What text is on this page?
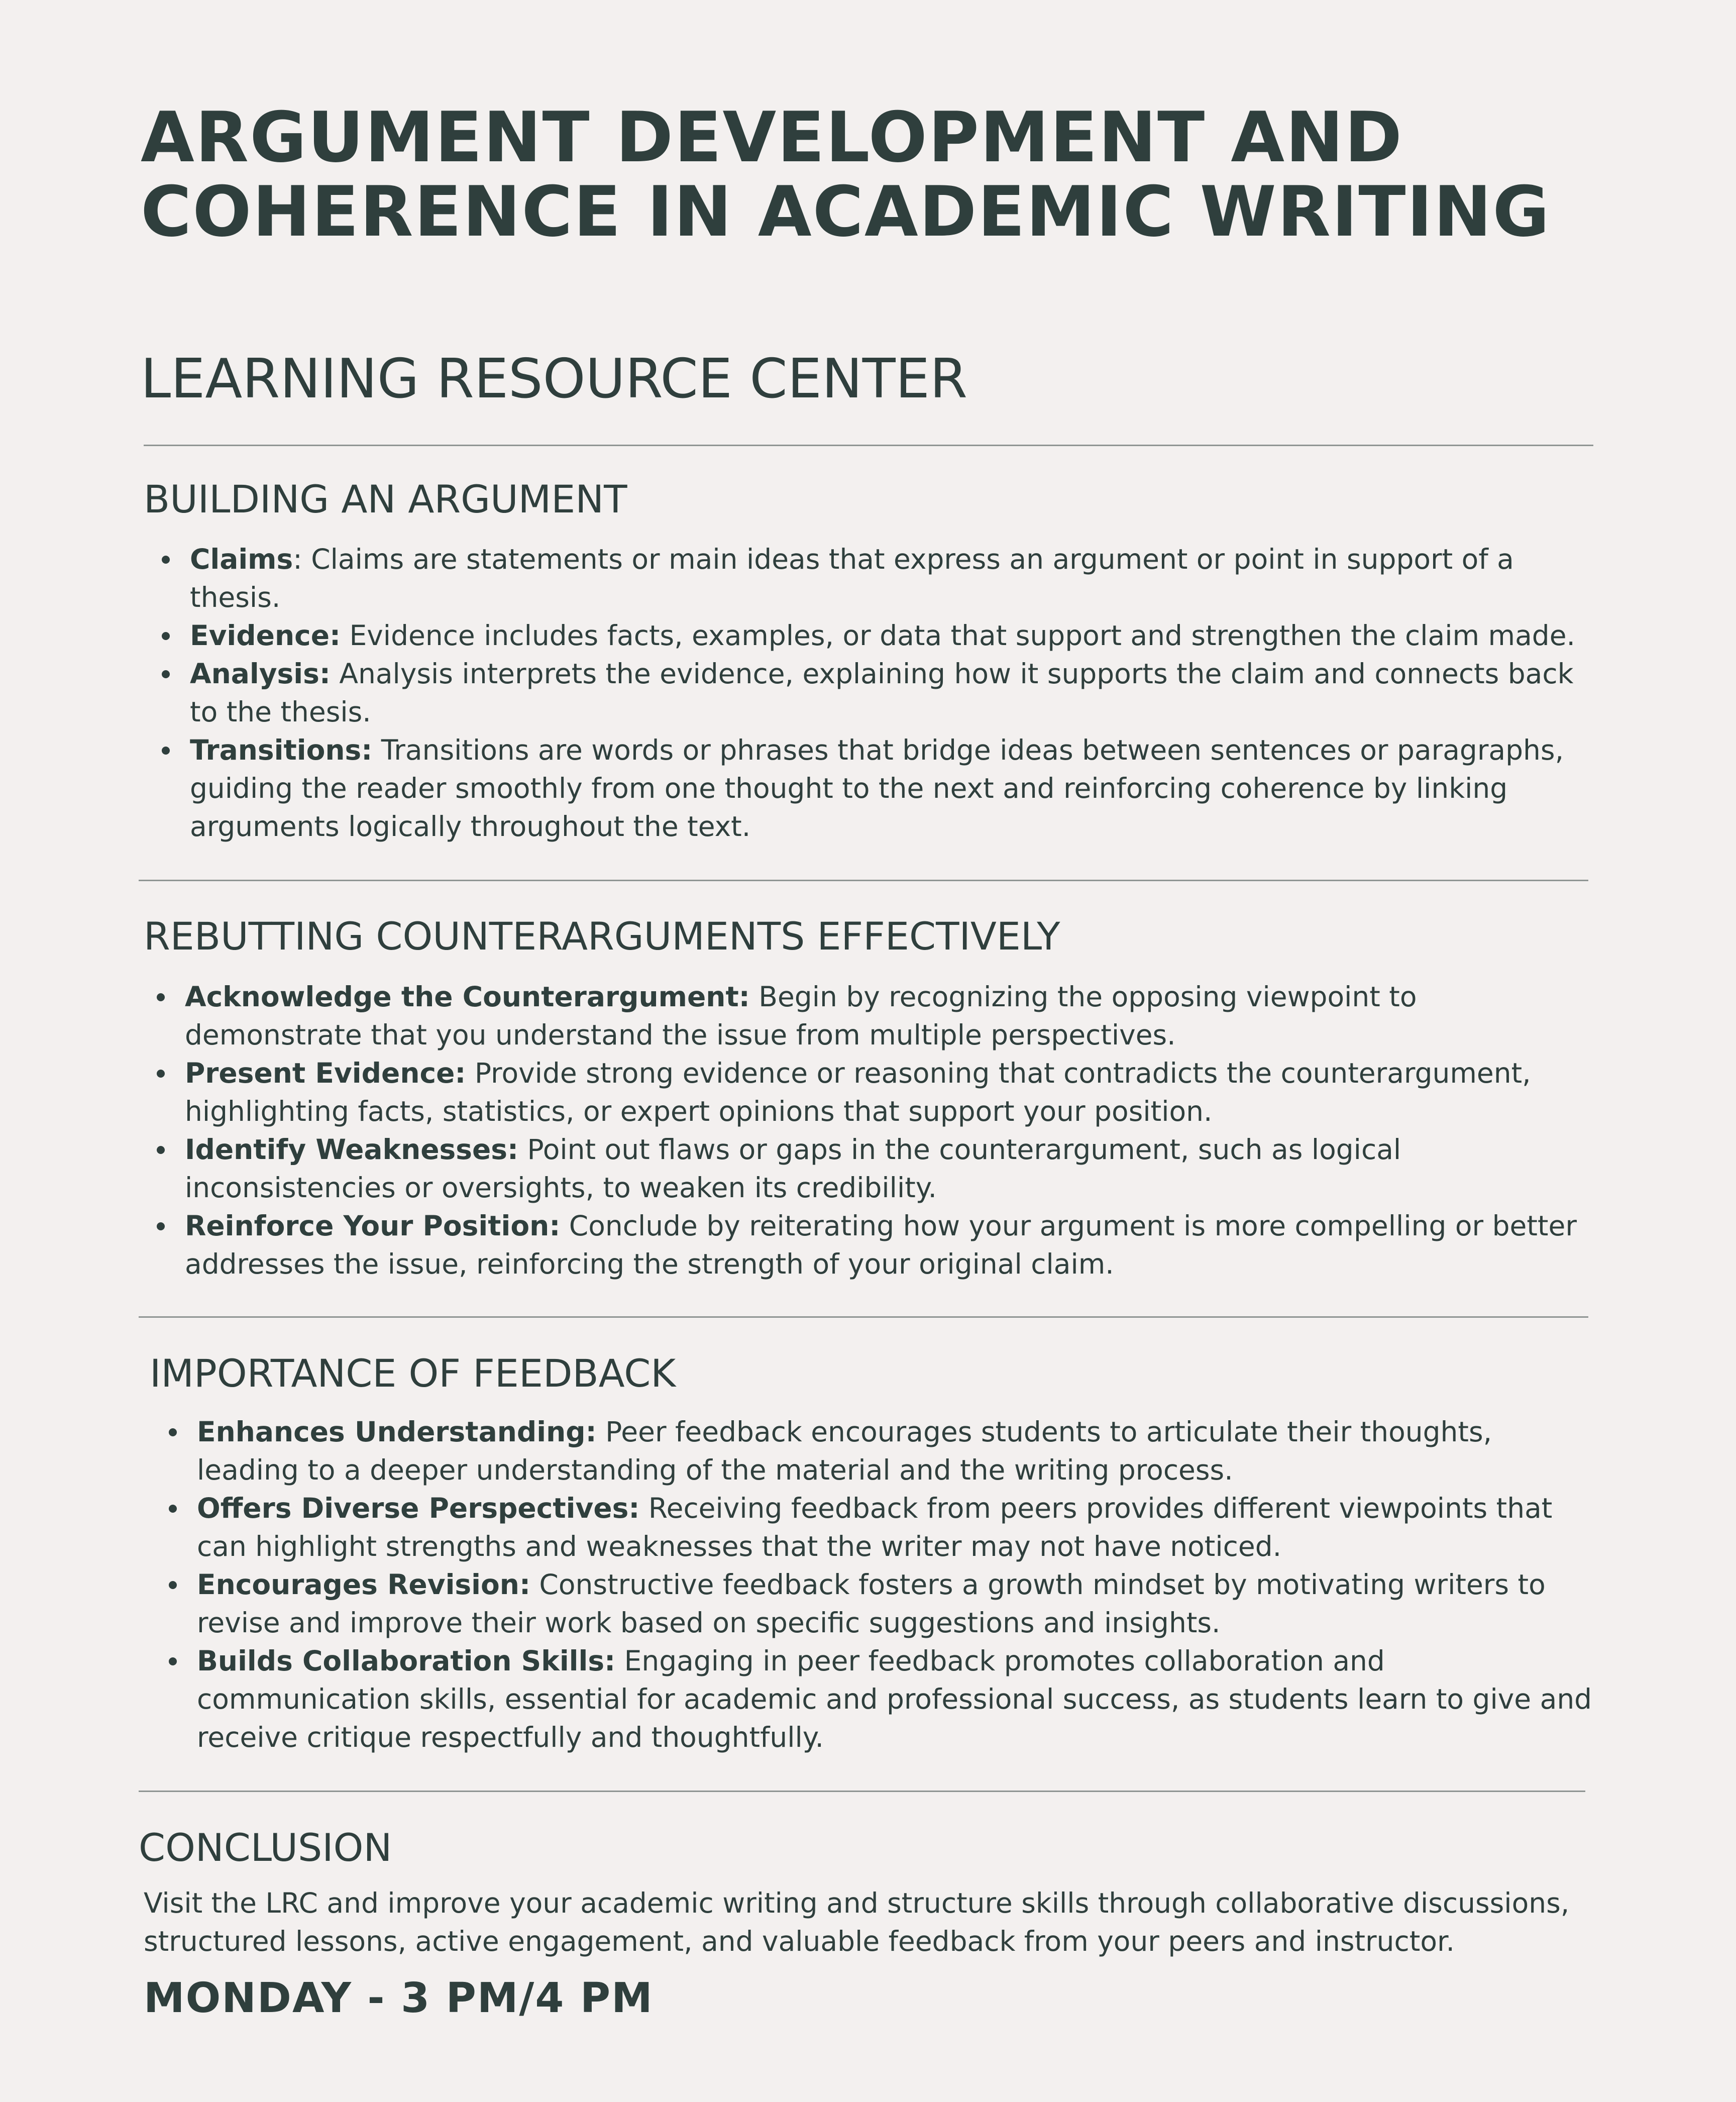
ARGUMENT DEVELOPMENT AND COHERENCE IN ACADEMIC WRITING
LEARNING RESOURCE CENTER
BUILDING AN ARGUMENT
Claims: Claims are statements or main ideas that express an argument or point in support of a thesis.
Evidence: Evidence includes facts, examples, or data that support and strengthen the claim made.
Analysis: Analysis interprets the evidence, explaining how it supports the claim and connects back to the thesis.
Transitions: Transitions are words or phrases that bridge ideas between sentences or paragraphs, guiding the reader smoothly from one thought to the next and reinforcing coherence by linking arguments logically throughout the text.
REBUTTING COUNTERARGUMENTS EFFECTIVELY
Acknowledge the Counterargument: Begin by recognizing the opposing viewpoint to demonstrate that you understand the issue from multiple perspectives.
Present Evidence: Provide strong evidence or reasoning that contradicts the counterargument, highlighting facts, statistics, or expert opinions that support your position.
Identify Weaknesses: Point out flaws or gaps in the counterargument, such as logical inconsistencies or oversights, to weaken its credibility.
Reinforce Your Position: Conclude by reiterating how your argument is more compelling or better addresses the issue, reinforcing the strength of your original claim.
IMPORTANCE OF FEEDBACK
Enhances Understanding: Peer feedback encourages students to articulate their thoughts, leading to a deeper understanding of the material and the writing process.
Offers Diverse Perspectives: Receiving feedback from peers provides different viewpoints that can highlight strengths and weaknesses that the writer may not have noticed.
Encourages Revision: Constructive feedback fosters a growth mindset by motivating writers to revise and improve their work based on specific suggestions and insights.
Builds Collaboration Skills: Engaging in peer feedback promotes collaboration and communication skills, essential for academic and professional success, as students learn to give and receive critique respectfully and thoughtfully.
CONCLUSION

Visit the LRC and improve your academic writing and structure skills through collaborative discussions, structured lessons, active engagement, and valuable feedback from your peers and instructor.

MONDAY - 3 PM/4 PM
